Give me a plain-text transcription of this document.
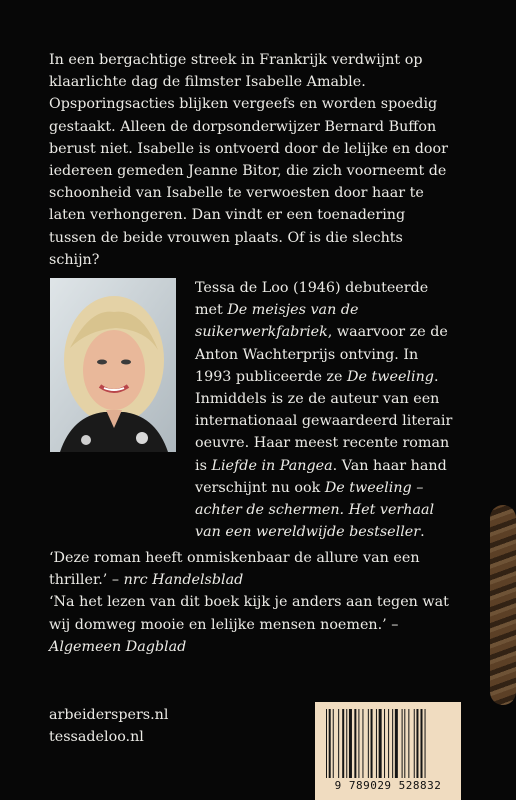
In een bergachtige streek in Frankrijk verdwijnt op klaarlichte dag de filmster Isabelle Amable. Opsporingsacties blijken vergeefs en worden spoedig gestaakt. Alleen de dorpsonderwijzer Bernard Buffon berust niet. Isabelle is ontvoerd door de lelijke en door iedereen gemeden Jeanne Bitor, die zich voorneemt de schoonheid van Isabelle te verwoesten door haar te laten verhongeren. Dan vindt er een toenadering tussen de beide vrouwen plaats. Of is die slechts schijn?

Tessa de Loo (1946) debuteerde met De meisjes van de suikerwerkfabriek, waarvoor ze de Anton Wachterprijs ontving. In 1993 publiceerde ze De tweeling. Inmiddels is ze de auteur van een internationaal gewaardeerd literair oeuvre. Haar meest recente roman is Liefde in Pangea. Van haar hand verschijnt nu ook De tweeling – achter de schermen. Het verhaal van een wereldwijde bestseller.

‘Deze roman heeft onmiskenbaar de allure van een thriller.’ – nrc Handelsblad
‘Na het lezen van dit boek kijk je anders aan tegen wat wij domweg mooie en lelijke mensen noemen.’ – Algemeen Dagblad
arbeiderspers.nl
tessadeloo.nl
9 789029 528832
